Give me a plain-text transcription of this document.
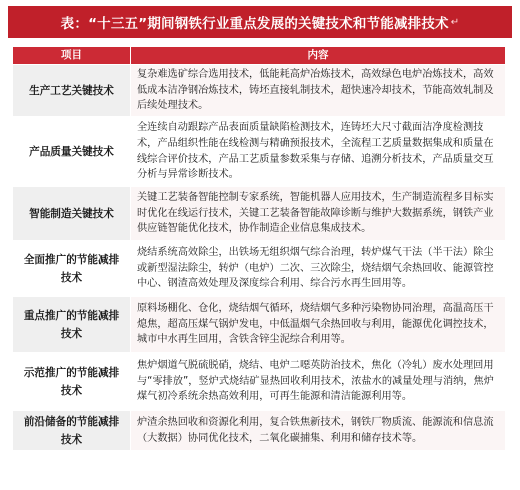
表：“十三五”期间钢铁行业重点发展的关键技术和节能减排技术 ↵
项目	内容
生产工艺关键技术	复杂难选矿综合选用技术，低能耗高炉冶炼技术，高效绿色电炉冶炼技术，高效低成本洁净钢冶炼技术，铸坯直接轧制技术，超快速冷却技术，节能高效轧制及后续处理技术。
产品质量关键技术	全连续自动跟踪产品表面质量缺陷检测技术，连铸坯大尺寸截面洁净度检测技术，产品组织性能在线检测与精确预报技术，全流程工艺质量数据集成和质量在线综合评价技术，产品工艺质量参数采集与存储、追溯分析技术，产品质量交互分析与异常诊断技术。
智能制造关键技术	关键工艺装备智能控制专家系统，智能机器人应用技术，生产制造流程多目标实时优化在线运行技术，关键工艺装备智能故障诊断与维护大数据系统，钢铁产业供应链智能优化技术，协作制造企业信息集成技术。
全面推广的节能减排技术	烧结系统高效除尘，出铁场无组织烟气综合治理，转炉煤气干法（半干法）除尘或新型湿法除尘，转炉（电炉）二次、三次除尘，烧结烟气余热回收、能源管控中心、钢渣高效处理及深度综合利用、综合污水再生回用等。
重点推广的节能减排技术	原料场棚化、仓化，烧结烟气循环，烧结烟气多种污染物协同治理，高温高压干熄焦，超高压煤气锅炉发电，中低温烟气余热回收与利用，能源优化调控技术，城市中水再生回用，含铁含锌尘泥综合利用等。
示范推广的节能减排技术	焦炉烟道气脱硫脱硝，烧结、电炉二噁英防治技术，焦化（冷轧）废水处理回用与“零排放”，竖炉式烧结矿显热回收利用技术，浓盐水的减量处理与消纳，焦炉煤气初冷系统余热高效利用，可再生能源和清洁能源利用等。
前沿储备的节能减排技术	炉渣余热回收和资源化利用，复合铁焦新技术，钢铁厂物质流、能源流和信息流（大数据）协同优化技术，二氧化碳捕集、利用和储存技术等。
